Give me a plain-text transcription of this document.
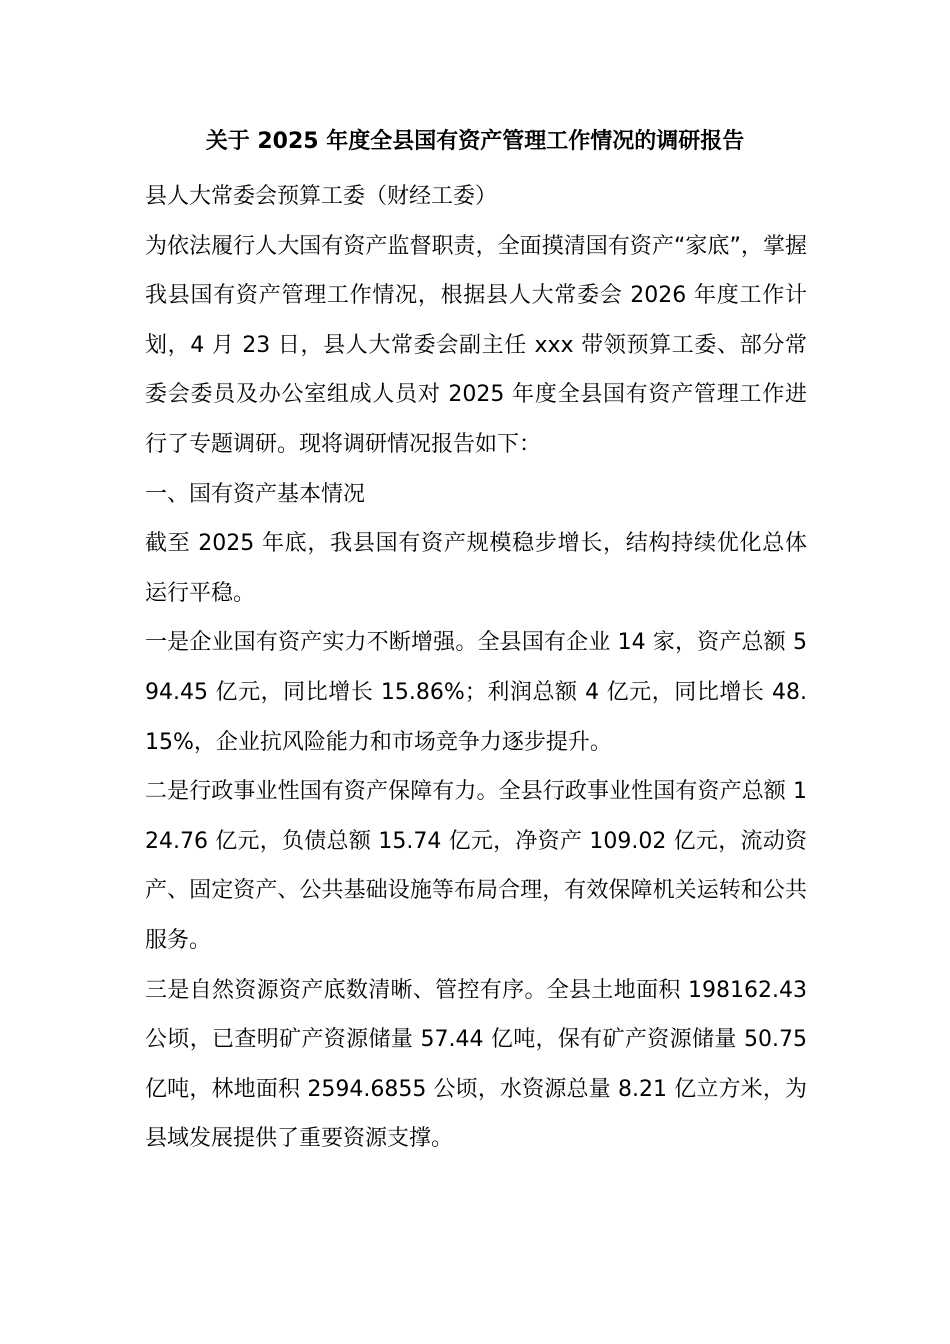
关于 2025 年度全县国有资产管理工作情况的调研报告

县人大常委会预算工委（财经工委）

为依法履行人大国有资产监督职责，全面摸清国有资产“家底”，掌握我县国有资产管理工作情况，根据县人大常委会 2026 年度工作计划，4 月 23 日，县人大常委会副主任 xxx 带领预算工委、部分常委会委员及办公室组成人员对 2025 年度全县国有资产管理工作进行了专题调研。现将调研情况报告如下：

一、国有资产基本情况

截至 2025 年底，我县国有资产规模稳步增长，结构持续优化总体运行平稳。

一是企业国有资产实力不断增强。全县国有企业 14 家，资产总额 594.45 亿元，同比增长 15.86%；利润总额 4 亿元，同比增长 48.15%，企业抗风险能力和市场竞争力逐步提升。

二是行政事业性国有资产保障有力。全县行政事业性国有资产总额 124.76 亿元，负债总额 15.74 亿元，净资产 109.02 亿元，流动资产、固定资产、公共基础设施等布局合理，有效保障机关运转和公共服务。

三是自然资源资产底数清晰、管控有序。全县土地面积 198162.43 公顷，已查明矿产资源储量 57.44 亿吨，保有矿产资源储量 50.75 亿吨，林地面积 2594.6855 公顷，水资源总量 8.21 亿立方米，为县域发展提供了重要资源支撑。
